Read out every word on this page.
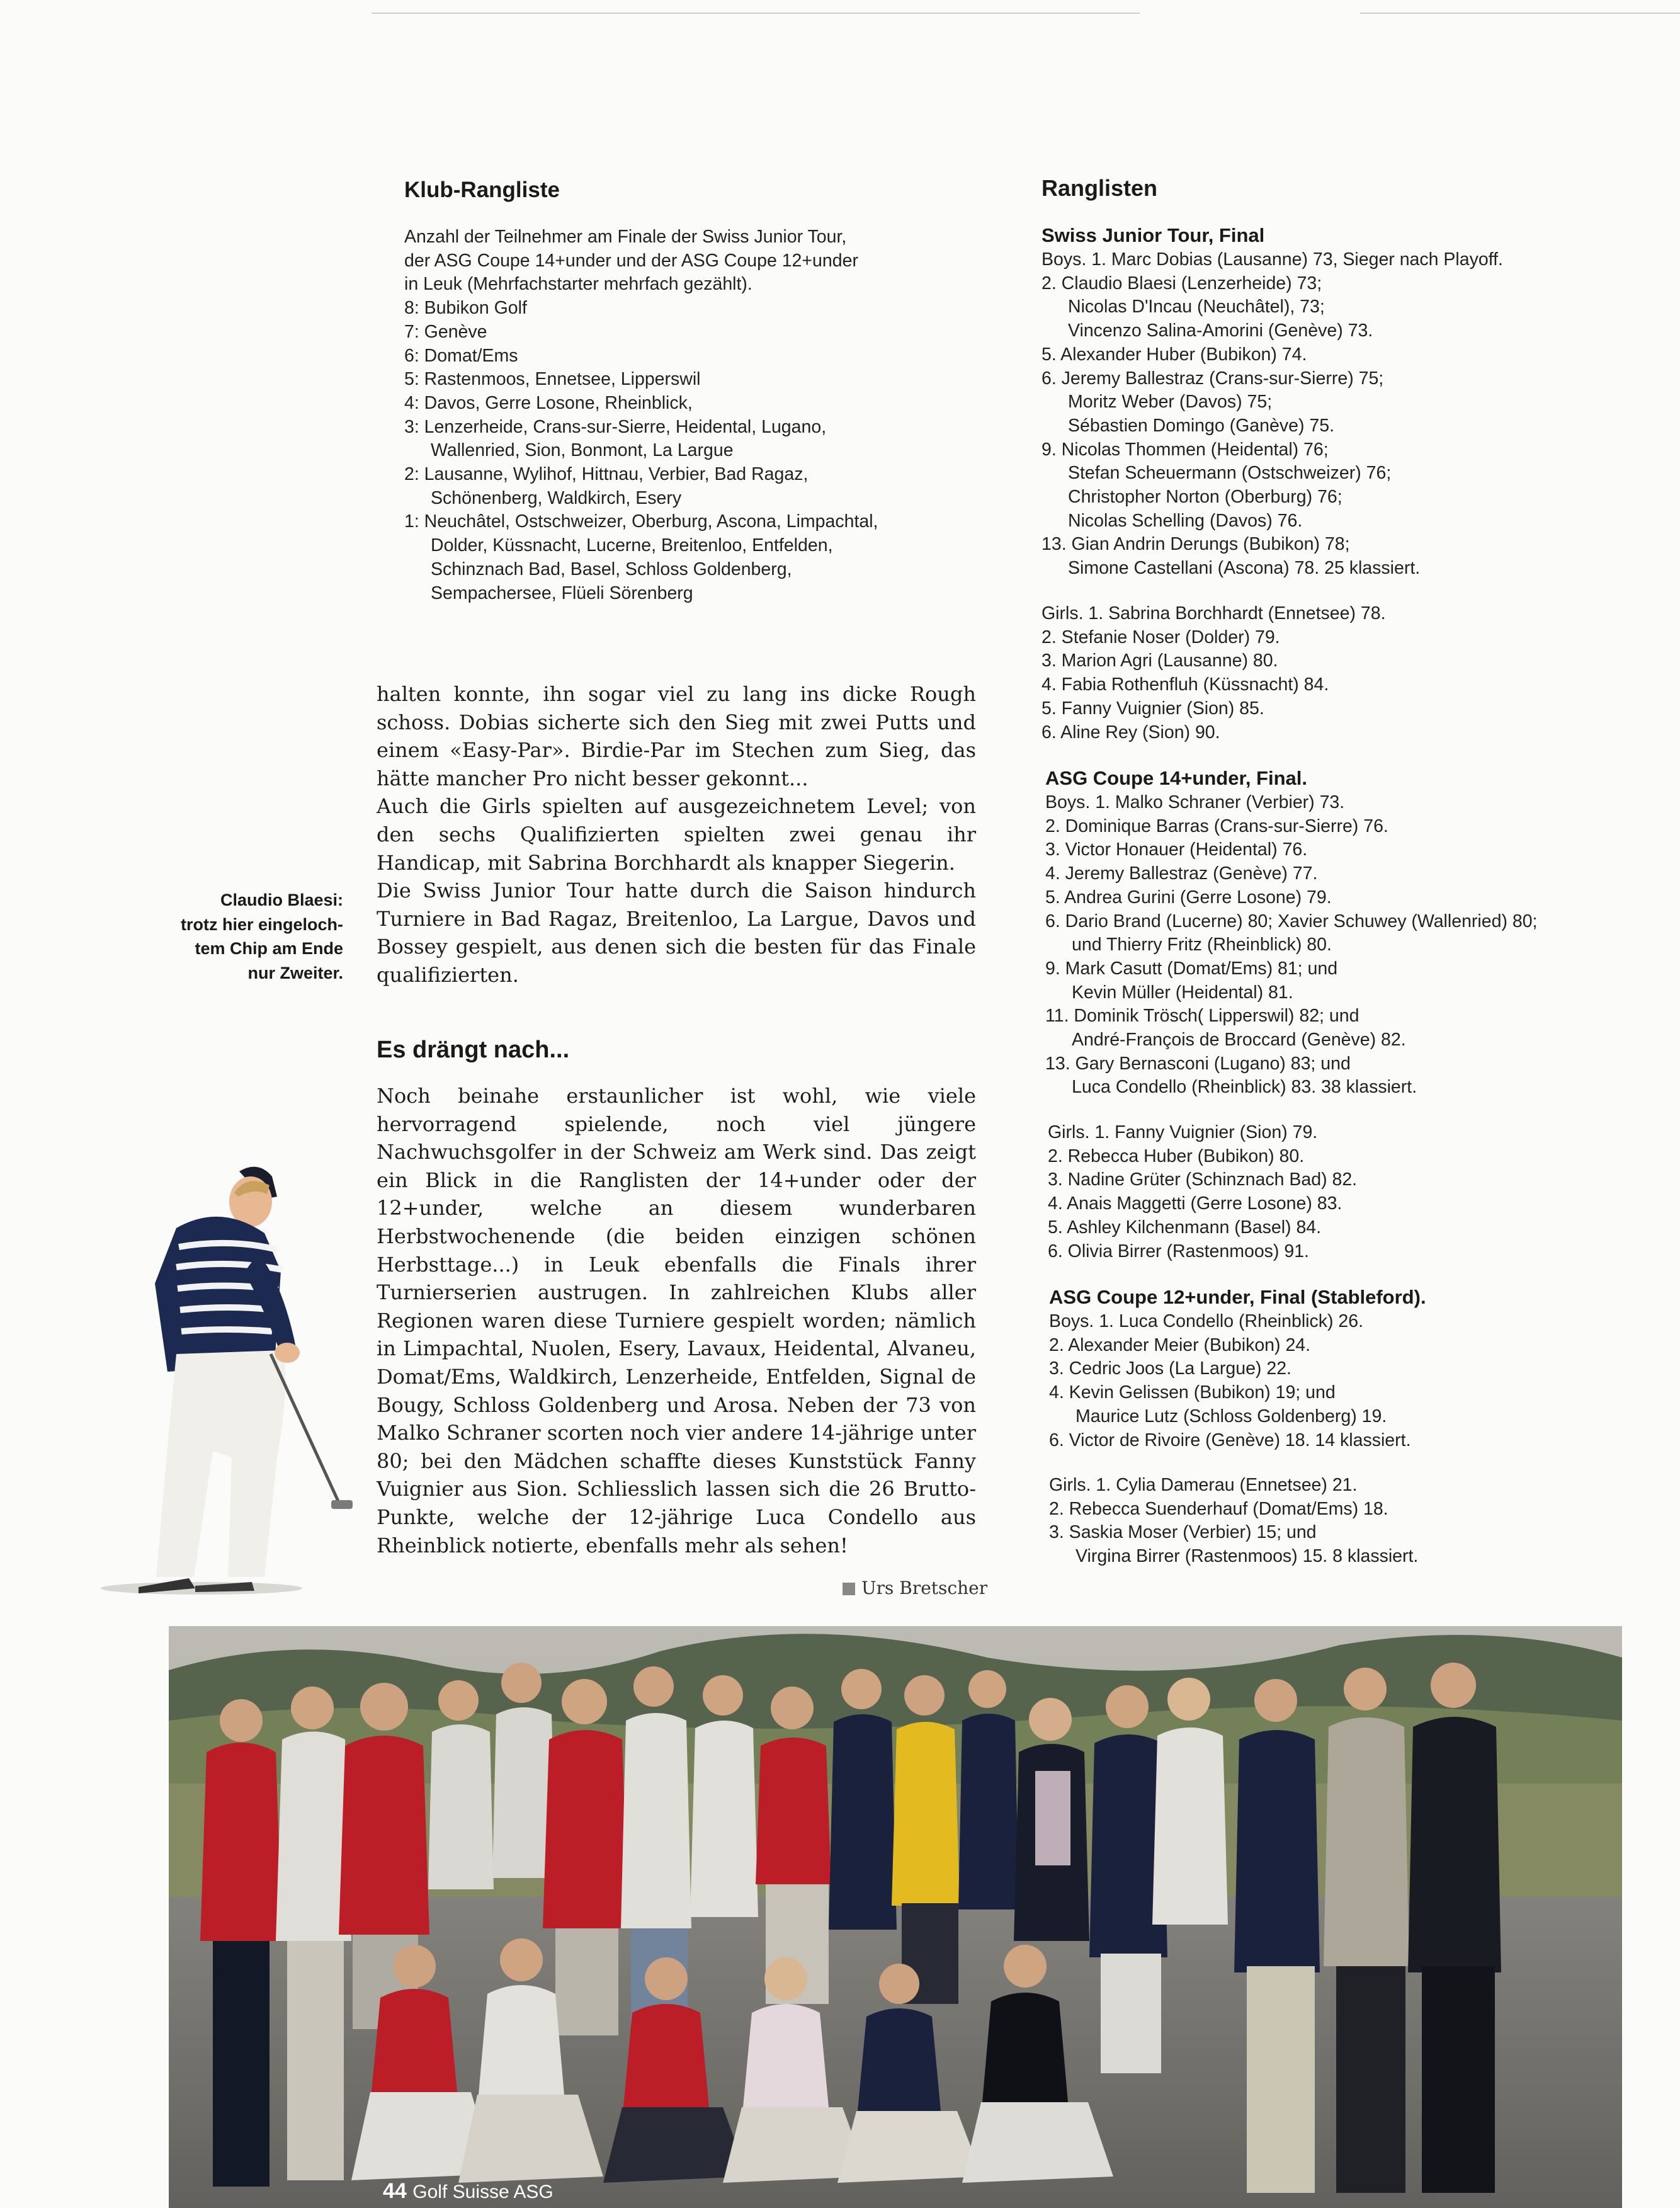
Klub-Rangliste
Anzahl der Teilnehmer am Finale der Swiss Junior Tour,
der ASG Coupe 14+under und der ASG Coupe 12+under
in Leuk (Mehrfachstarter mehrfach gezählt).
8: Bubikon Golf
7: Genève
6: Domat/Ems
5: Rastenmoos, Ennetsee, Lipperswil
4: Davos, Gerre Losone, Rheinblick,
3: Lenzerheide, Crans-sur-Sierre, Heidental, Lugano,
Wallenried, Sion, Bonmont, La Largue
2: Lausanne, Wylihof, Hittnau, Verbier, Bad Ragaz,
Schönenberg, Waldkirch, Esery
1: Neuchâtel, Ostschweizer, Oberburg, Ascona, Limpachtal,
Dolder, Küssnacht, Lucerne, Breitenloo, Entfelden,
Schinznach Bad, Basel, Schloss Goldenberg,
Sempachersee, Flüeli Sörenberg
Ranglisten
Swiss Junior Tour, Final
Boys. 1. Marc Dobias (Lausanne) 73, Sieger nach Playoff.
2. Claudio Blaesi (Lenzerheide) 73;
Nicolas D'Incau (Neuchâtel), 73;
Vincenzo Salina-Amorini (Genève) 73.
5. Alexander Huber (Bubikon) 74.
6. Jeremy Ballestraz (Crans-sur-Sierre) 75;
Moritz Weber (Davos) 75;
Sébastien Domingo (Ganève) 75.
9. Nicolas Thommen (Heidental) 76;
Stefan Scheuermann (Ostschweizer) 76;
Christopher Norton (Oberburg) 76;
Nicolas Schelling (Davos) 76.
13. Gian Andrin Derungs (Bubikon) 78;
Simone Castellani (Ascona) 78. 25 klassiert.
Girls. 1. Sabrina Borchhardt (Ennetsee) 78.
2. Stefanie Noser (Dolder) 79.
3. Marion Agri (Lausanne) 80.
4. Fabia Rothenfluh (Küssnacht) 84.
5. Fanny Vuignier (Sion) 85.
6. Aline Rey (Sion) 90.
ASG Coupe 14+under, Final.
Boys. 1. Malko Schraner (Verbier) 73.
2. Dominique Barras (Crans-sur-Sierre) 76.
3. Victor Honauer (Heidental) 76.
4. Jeremy Ballestraz (Genève) 77.
5. Andrea Gurini (Gerre Losone) 79.
6. Dario Brand (Lucerne) 80; Xavier Schuwey (Wallenried) 80;
und Thierry Fritz (Rheinblick) 80.
9. Mark Casutt (Domat/Ems) 81; und
Kevin Müller (Heidental) 81.
11. Dominik Trösch( Lipperswil) 82; und
André-François de Broccard (Genève) 82.
13. Gary Bernasconi (Lugano) 83; und
Luca Condello (Rheinblick) 83. 38 klassiert.
Girls. 1. Fanny Vuignier (Sion) 79.
2. Rebecca Huber (Bubikon) 80.
3. Nadine Grüter (Schinznach Bad) 82.
4. Anais Maggetti (Gerre Losone) 83.
5. Ashley Kilchenmann (Basel) 84.
6. Olivia Birrer (Rastenmoos) 91.
ASG Coupe 12+under, Final (Stableford).
Boys. 1. Luca Condello (Rheinblick) 26.
2. Alexander Meier (Bubikon) 24.
3. Cedric Joos (La Largue) 22.
4. Kevin Gelissen (Bubikon) 19; und
Maurice Lutz (Schloss Goldenberg) 19.
6. Victor de Rivoire (Genève) 18. 14 klassiert.
Girls. 1. Cylia Damerau (Ennetsee) 21.
2. Rebecca Suenderhauf (Domat/Ems) 18.
3. Saskia Moser (Verbier) 15; und
Virgina Birrer (Rastenmoos) 15. 8 klassiert.

halten konnte, ihn sogar viel zu lang ins dicke Rough schoss. Dobias sicherte sich den Sieg mit zwei Putts und einem «Easy-Par». Birdie-Par im Stechen zum Sieg, das hätte mancher Pro nicht besser gekonnt...

Auch die Girls spielten auf ausgezeichnetem Level; von den sechs Qualifizierten spielten zwei genau ihr Handicap, mit Sabrina Borchhardt als knapper Siegerin.

Die Swiss Junior Tour hatte durch die Saison hindurch Turniere in Bad Ragaz, Breitenloo, La Largue, Davos und Bossey gespielt, aus denen sich die besten für das Finale qualifizierten.

Es drängt nach...

Noch beinahe erstaunlicher ist wohl, wie viele hervorragend spielende, noch viel jüngere Nachwuchsgolfer in der Schweiz am Werk sind. Das zeigt ein Blick in die Ranglisten der 14+under oder der 12+under, welche an diesem wunderbaren Herbstwochenende (die beiden einzigen schönen Herbsttage...) in Leuk ebenfalls die Finals ihrer Turnierserien austrugen. In zahlreichen Klubs aller Regionen waren diese Turniere gespielt worden; nämlich in Limpachtal, Nuolen, Esery, Lavaux, Heidental, Alvaneu, Domat/Ems, Waldkirch, Lenzerheide, Entfelden, Signal de Bougy, Schloss Goldenberg und Arosa. Neben der 73 von Malko Schraner scorten noch vier andere 14-jährige unter 80; bei den Mädchen schaffte dieses Kunststück Fanny Vuignier aus Sion. Schliesslich lassen sich die 26 Brutto-Punkte, welche der 12-jährige Luca Condello aus Rheinblick notierte, ebenfalls mehr als sehen!

Urs Bretscher
Claudio Blaesi:
trotz hier eingeloch-
tem Chip am Ende
nur Zweiter.
44 Golf Suisse ASG
